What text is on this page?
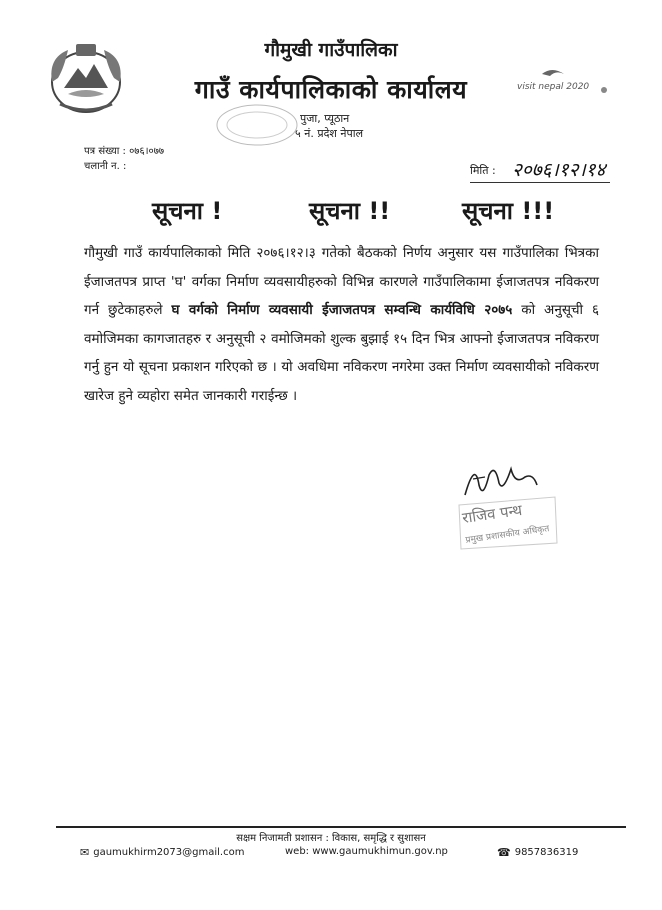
गौमुखी गाउँपालिका
गाउँ कार्यपालिकाको कार्यालय
पुजा, प्यूठान
५ नं. प्रदेश नेपाल
visit nepal 2020
पत्र संख्या : ०७६।०७७
चलानी न. :	मिति : २०७६।१२।१४
सूचना !	सूचना !!	सूचना !!!

गौमुखी गाउँ कार्यपालिकाको मिति २०७६।१२।३ गतेको बैठकको निर्णय अनुसार यस गाउँपालिका भित्रका ईजाजतपत्र प्राप्त 'घ' वर्गका निर्माण व्यवसायीहरुको विभिन्न कारणले गाउँपालिकामा ईजाजतपत्र नविकरण गर्न छुटेकाहरुले घ वर्गको निर्माण व्यवसायी ईजाजतपत्र सम्वन्धि कार्यविधि २०७५ को अनुसूची ६ वमोजिमका कागजातहरु र अनुसूची २ वमोजिमको शुल्क बुझाई १५ दिन भित्र आफ्नो ईजाजतपत्र नविकरण गर्नु हुन यो सूचना प्रकाशन गरिएको छ । यो अवधिमा नविकरण नगरेमा उक्त निर्माण व्यवसायीको नविकरण खारेज हुने व्यहोरा समेत जानकारी गराईन्छ ।

राजिव पन्थ
प्रमुख प्रशासकीय अधिकृत
सक्षम निजामती प्रशासन : विकास, समृद्धि र सुशासन
✉ gaumukhirm2073@gmail.com	web: www.gaumukhimun.gov.np	☎ 9857836319
